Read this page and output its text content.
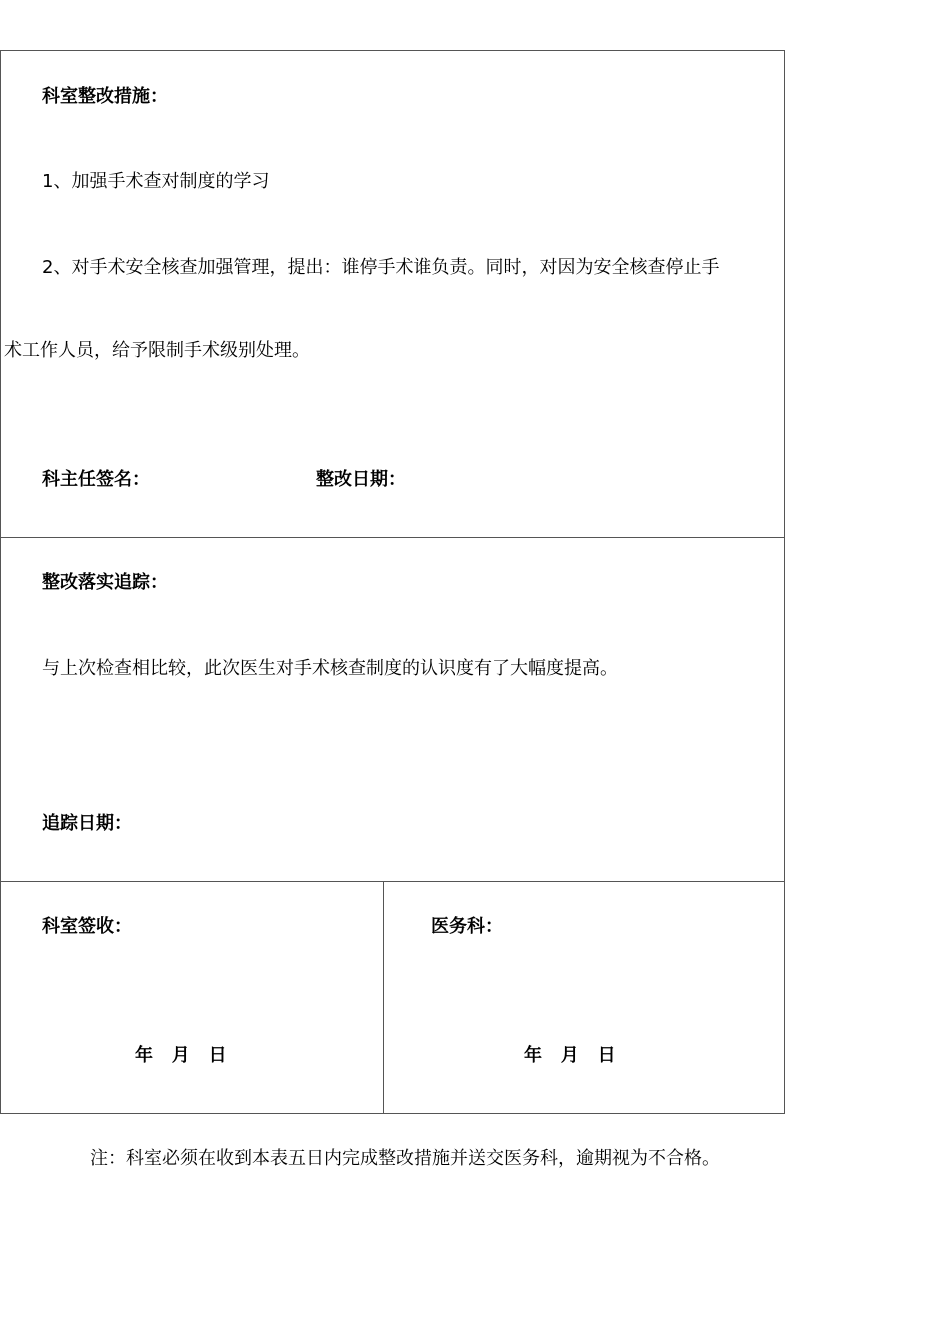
科室整改措施：
1、加强手术查对制度的学习
2、对手术安全核查加强管理，提出：谁停手术谁负责。同时，对因为安全核查停止手
术工作人员，给予限制手术级别处理。
科主任签名：	整改日期：
整改落实追踪：
与上次检查相比较，此次医生对手术核查制度的认识度有了大幅度提高。
追踪日期：
科室签收：
年   月   日
医务科：
年   月   日
注：科室必须在收到本表五日内完成整改措施并送交医务科，逾期视为不合格。
